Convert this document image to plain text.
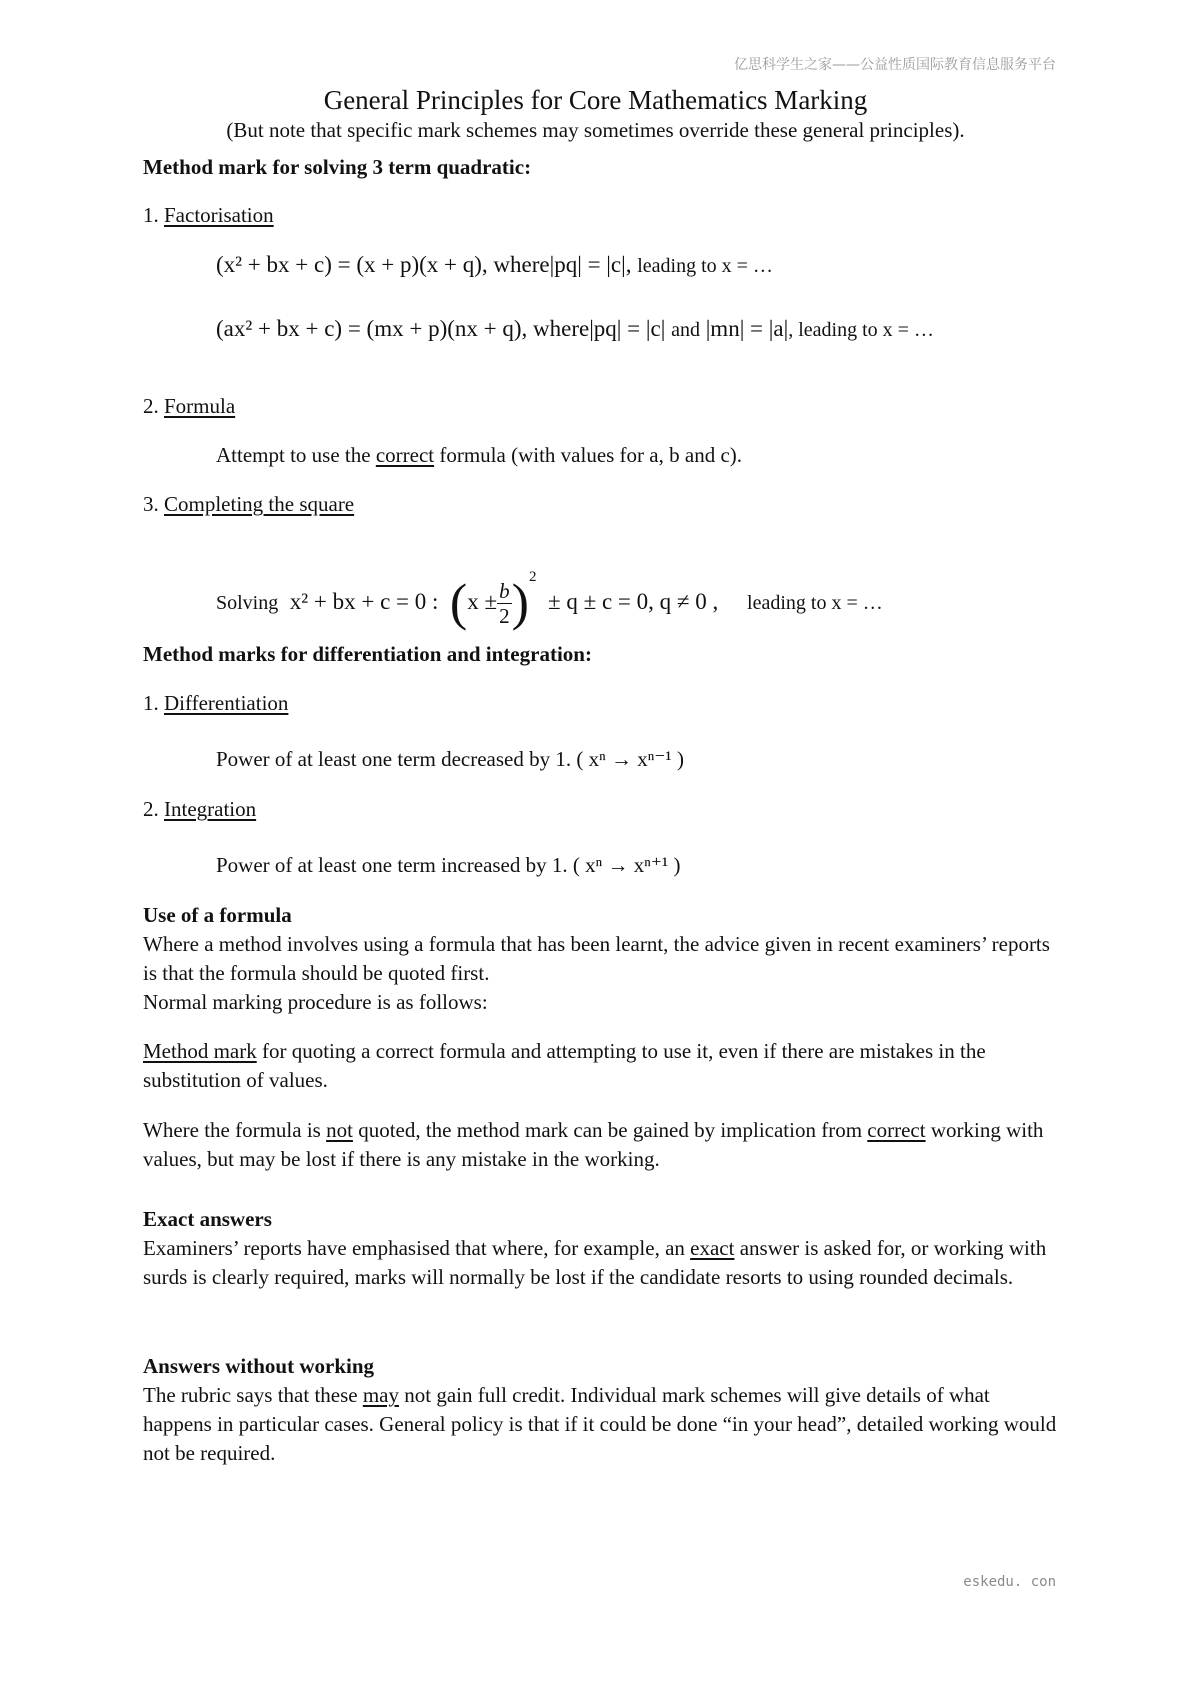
亿思科学生之家——公益性质国际教育信息服务平台
General Principles for Core Mathematics Marking
(But note that specific mark schemes may sometimes override these general principles).
Method mark for solving 3 term quadratic:
1. Factorisation
(x² + bx + c) = (x + p)(x + q), where|pq| = |c|, leading to x = …
(ax² + bx + c) = (mx + p)(nx + q), where|pq| = |c| and |mn| = |a|, leading to x = …
2. Formula
Attempt to use the correct formula (with values for a, b and c).
3. Completing the square
Solving x² + bx + c = 0 : $(x \pm \frac{b}{2} )^2 \pm q \pm c = 0$, q ≠ 0 , leading to x = …
Method marks for differentiation and integration:
1. Differentiation
Power of at least one term decreased by 1. ( xⁿ → xⁿ⁻¹ )
2. Integration
Power of at least one term increased by 1. ( xⁿ → xⁿ⁺¹ )
Use of a formula
Where a method involves using a formula that has been learnt, the advice given in recent examiners’ reports is that the formula should be quoted first.
Normal marking procedure is as follows:
Method mark for quoting a correct formula and attempting to use it, even if there are mistakes in the substitution of values.
Where the formula is not quoted, the method mark can be gained by implication from correct working with values, but may be lost if there is any mistake in the working.
Exact answers
Examiners’ reports have emphasised that where, for example, an exact answer is asked for, or working with surds is clearly required, marks will normally be lost if the candidate resorts to using rounded decimals.
Answers without working
The rubric says that these may not gain full credit. Individual mark schemes will give details of what happens in particular cases. General policy is that if it could be done “in your head”, detailed working would not be required.
eskedu. con
